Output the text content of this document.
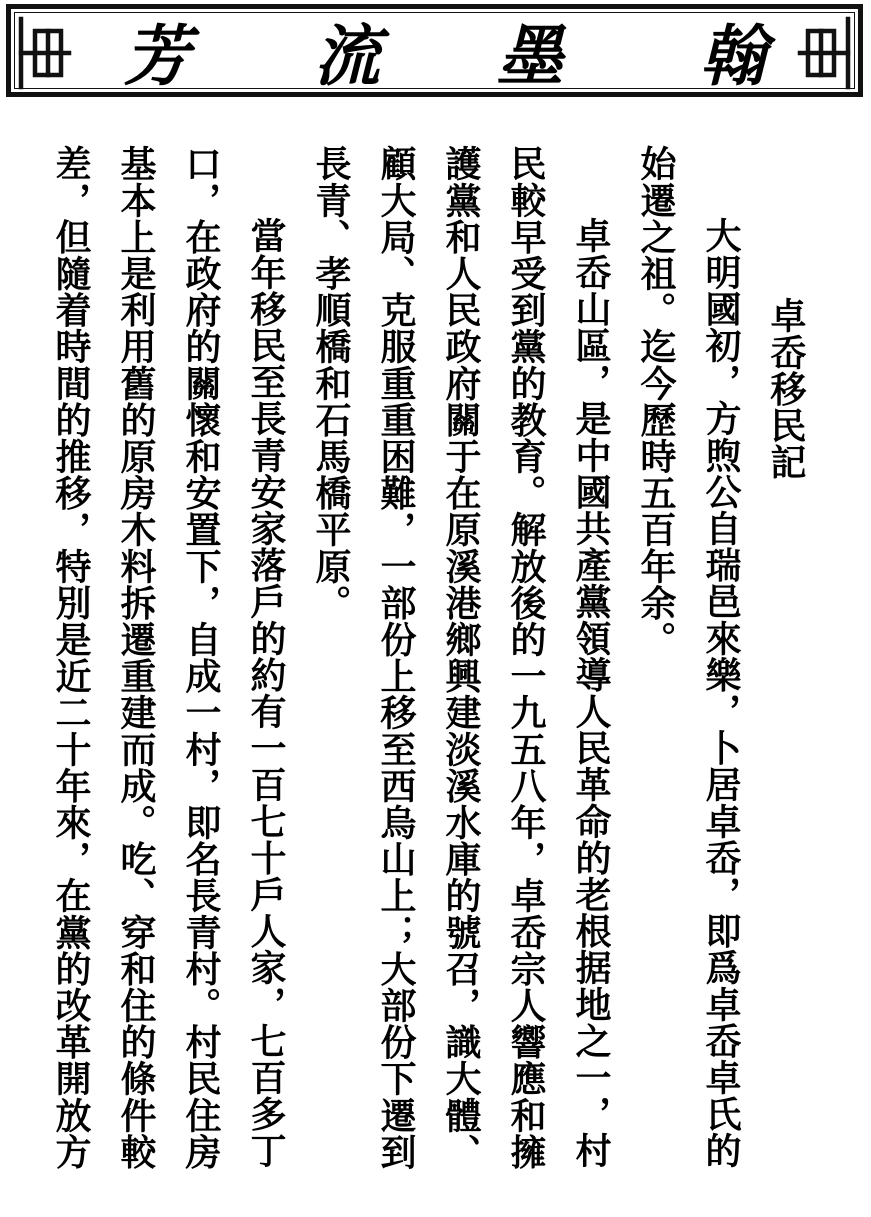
芳 流 墨 翰
卓岙移民記

大明國初，方煦公自瑞邑來樂，卜居卓岙，即爲卓岙卓氏的始遷之祖。迄今歷時五百年余。

卓岙山區，是中國共產黨領導人民革命的老根据地之一，村民較早受到黨的教育。解放後的一九五八年，卓岙宗人響應和擁護黨和人民政府關于在原溪港鄉興建淡溪水庫的號召，識大體、顧大局、克服重重困難，一部份上移至西烏山上；大部份下遷到長青、孝順橋和石馬橋平原。

當年移民至長青安家落戶的約有一百七十戶人家，七百多丁口，在政府的關懷和安置下，自成一村，即名長青村。村民住房基本上是利用舊的原房木料拆遷重建而成。吃、穿和住的條件較差，但隨着時間的推移，特別是近二十年來，在黨的改革開放方
